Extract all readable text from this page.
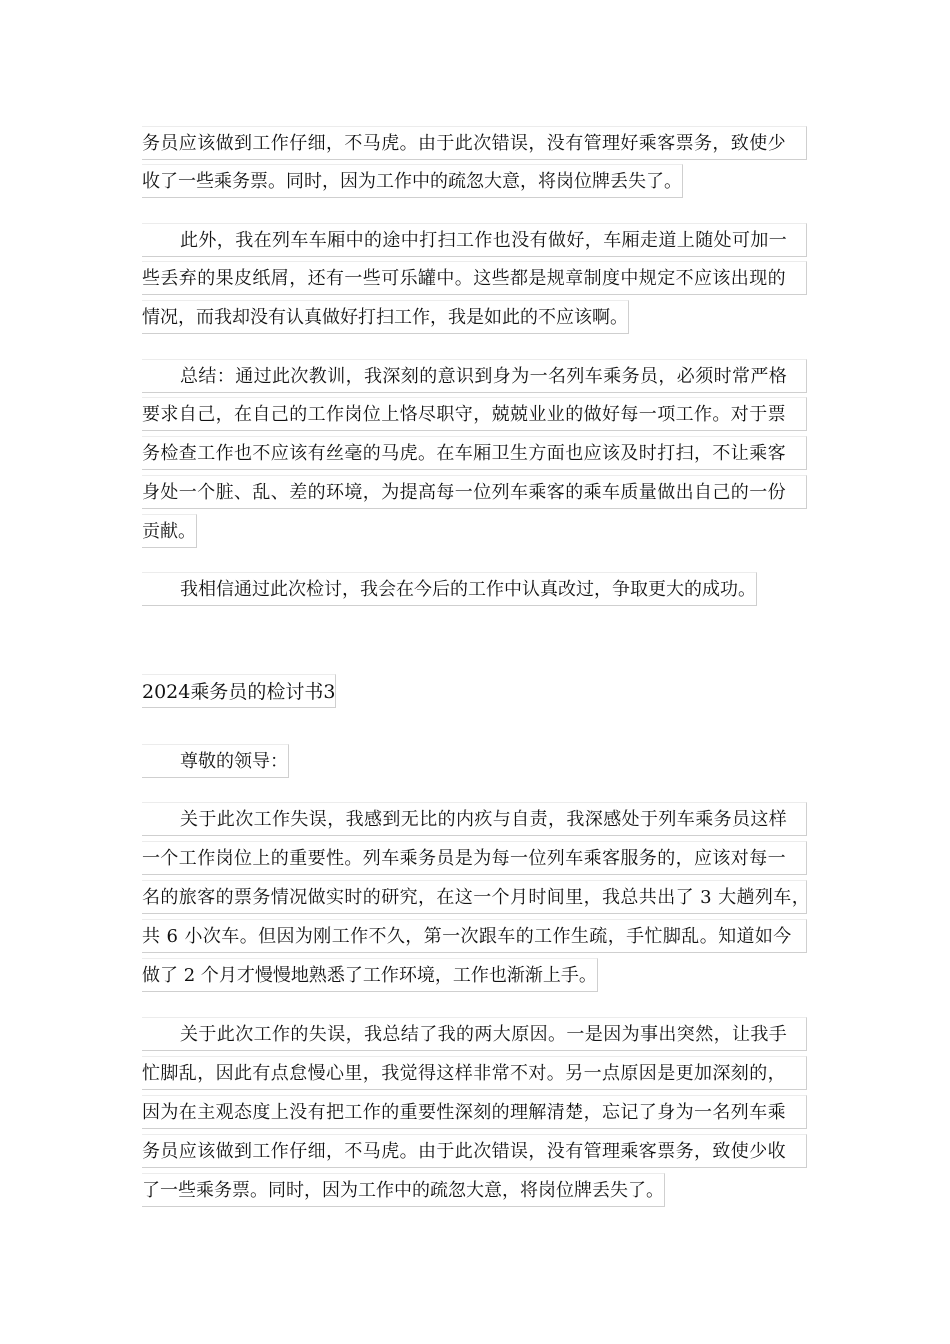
务员应该做到工作仔细，不马虎。由于此次错误，没有管理好乘客票务，致使少
收了一些乘务票。同时，因为工作中的疏忽大意，将岗位牌丢失了。
此外，我在列车车厢中的途中打扫工作也没有做好，车厢走道上随处可加一
些丢弃的果皮纸屑，还有一些可乐罐中。这些都是规章制度中规定不应该出现的
情况，而我却没有认真做好打扫工作，我是如此的不应该啊。
总结：通过此次教训，我深刻的意识到身为一名列车乘务员，必须时常严格
要求自己，在自己的工作岗位上恪尽职守，兢兢业业的做好每一项工作。对于票
务检查工作也不应该有丝毫的马虎。在车厢卫生方面也应该及时打扫，不让乘客
身处一个脏、乱、差的环境，为提高每一位列车乘客的乘车质量做出自己的一份
贡献。
我相信通过此次检讨，我会在今后的工作中认真改过，争取更大的成功。
2024乘务员的检讨书3
尊敬的领导：
关于此次工作失误，我感到无比的内疚与自责，我深感处于列车乘务员这样
一个工作岗位上的重要性。列车乘务员是为每一位列车乘客服务的，应该对每一
名的旅客的票务情况做实时的研究，在这一个月时间里，我总共出了 3 大趟列车，
共 6 小次车。但因为刚工作不久，第一次跟车的工作生疏，手忙脚乱。知道如今
做了 2 个月才慢慢地熟悉了工作环境，工作也渐渐上手。
关于此次工作的失误，我总结了我的两大原因。一是因为事出突然，让我手
忙脚乱，因此有点怠慢心里，我觉得这样非常不对。另一点原因是更加深刻的，
因为在主观态度上没有把工作的重要性深刻的理解清楚，忘记了身为一名列车乘
务员应该做到工作仔细，不马虎。由于此次错误，没有管理乘客票务，致使少收
了一些乘务票。同时，因为工作中的疏忽大意，将岗位牌丢失了。
